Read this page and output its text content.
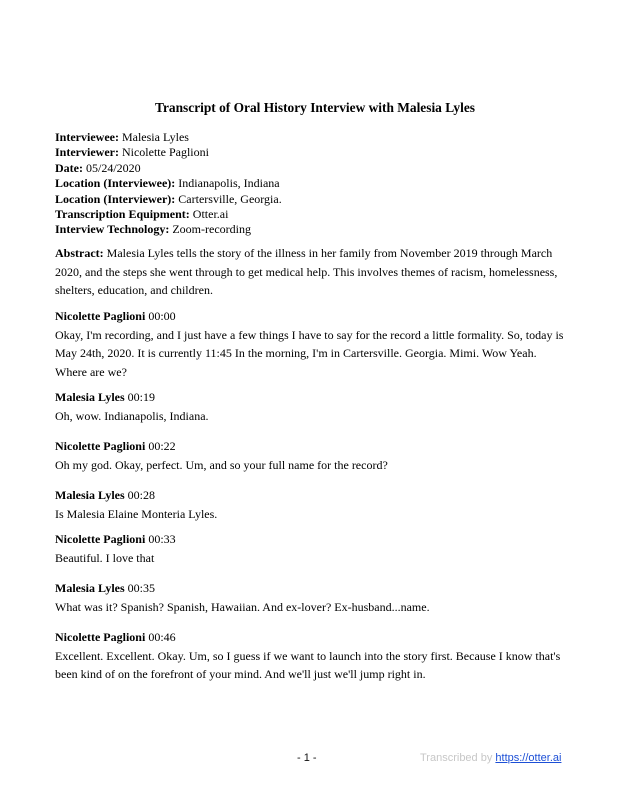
Transcript of Oral History Interview with Malesia Lyles
Interviewee: Malesia Lyles
Interviewer: Nicolette Paglioni
Date: 05/24/2020
Location (Interviewee): Indianapolis, Indiana
Location (Interviewer): Cartersville, Georgia.
Transcription Equipment: Otter.ai
Interview Technology: Zoom-recording
Abstract: Malesia Lyles tells the story of the illness in her family from November 2019 through March 2020, and the steps she went through to get medical help. This involves themes of racism, homelessness, shelters, education, and children.
Nicolette Paglioni 00:00
Okay, I'm recording, and I just have a few things I have to say for the record a little formality. So, today is May 24th, 2020. It is currently 11:45 In the morning, I'm in Cartersville. Georgia. Mimi. Wow Yeah. Where are we?
Malesia Lyles 00:19
Oh, wow. Indianapolis, Indiana.
Nicolette Paglioni 00:22
Oh my god. Okay, perfect. Um, and so your full name for the record?
Malesia Lyles 00:28
Is Malesia Elaine Monteria Lyles.
Nicolette Paglioni 00:33
Beautiful. I love that
Malesia Lyles 00:35
What was it? Spanish? Spanish, Hawaiian. And ex-lover? Ex-husband...name.
Nicolette Paglioni 00:46
Excellent. Excellent. Okay. Um, so I guess if we want to launch into the story first. Because I know that's been kind of on the forefront of your mind. And we'll just we'll jump right in.
- 1 -	Transcribed by https://otter.ai
